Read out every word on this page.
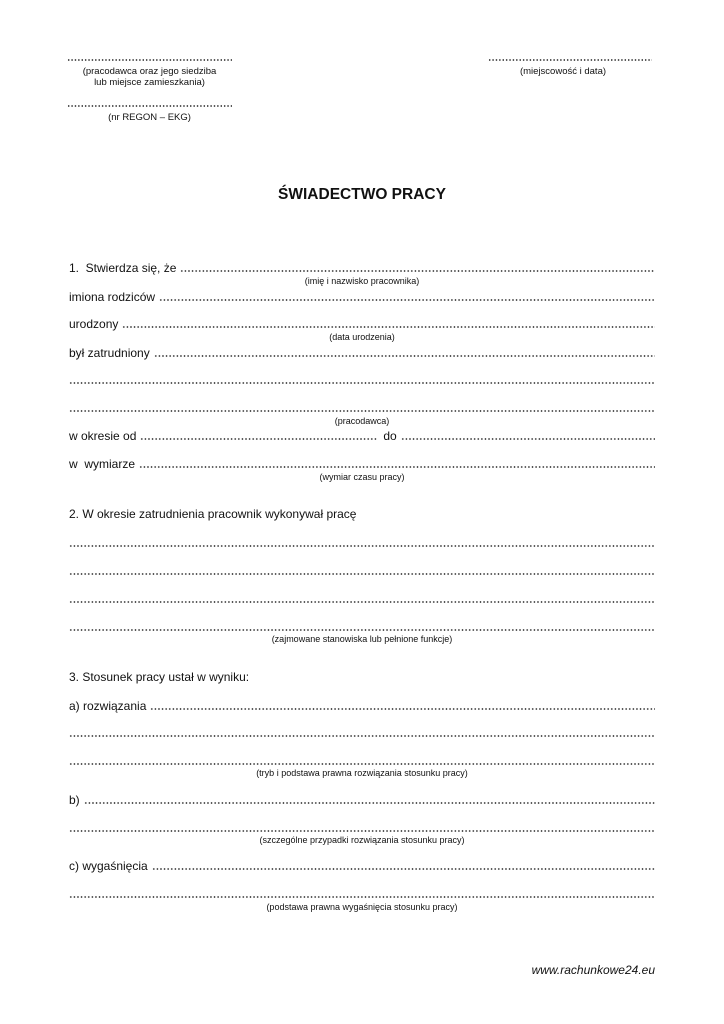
(pracodawca oraz jego siedziba
lub miejsce zamieszkania)
(nr REGON – EKG)
(miejscowość i data)
ŚWIADECTWO PRACY
1.  Stwierdza się, że
(imię i nazwisko pracownika)
imiona rodziców
urodzony
(data urodzenia)
był zatrudniony
(pracodawca)
w okresie od	do
w  wymiarze
(wymiar czasu pracy)
2. W okresie zatrudnienia pracownik wykonywał pracę
(zajmowane stanowiska lub pełnione funkcje)
3. Stosunek pracy ustał w wyniku:
a) rozwiązania
(tryb i podstawa prawna rozwiązania stosunku pracy)
b)
(szczególne przypadki rozwiązania stosunku pracy)
c) wygaśnięcia
(podstawa prawna wygaśnięcia stosunku pracy)
www.rachunkowe24.eu
